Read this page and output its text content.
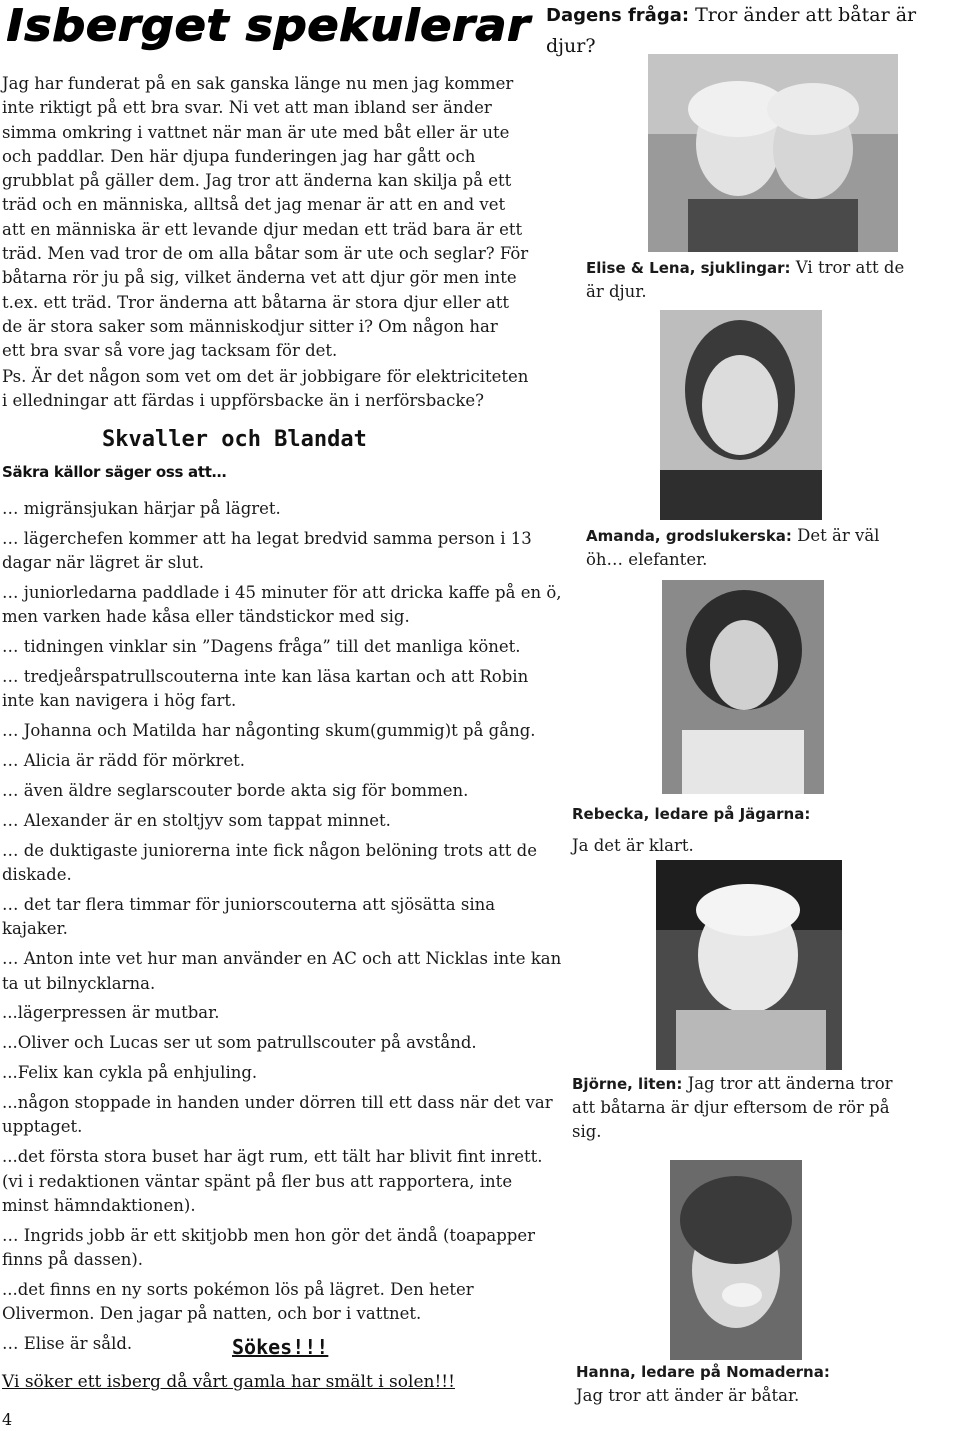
Isberget spekulerar Dagens fråga: Tror änder att båtar är djur?

Jag har funderat på en sak ganska länge nu men jag kommer

inte riktigt på ett bra svar. Ni vet att man ibland ser änder

simma omkring i vattnet när man är ute med båt eller är ute

och paddlar. Den här djupa funderingen jag har gått och

grubblat på gäller dem. Jag tror att änderna kan skilja på ett

träd och en människa, alltså det jag menar är att en and vet

att en människa är ett levande djur medan ett träd bara är ett

träd. Men vad tror de om alla båtar som är ute och seglar? För

båtarna rör ju på sig, vilket änderna vet att djur gör men inte

t.ex. ett träd. Tror änderna att båtarna är stora djur eller att

de är stora saker som människodjur sitter i? Om någon har

ett bra svar så vore jag tacksam för det.

Ps. Är det någon som vet om det är jobbigare för elektriciteten

i elledningar att färdas i uppförsbacke än i nerförsbacke?

Skvaller och Blandat
Säkra källor säger oss att…

… migränsjukan härjar på lägret.

… lägerchefen kommer att ha legat bredvid samma person i 13 dagar när lägret är slut.

… juniorledarna paddlade i 45 minuter för att dricka kaffe på en ö, men varken hade kåsa eller tändstickor med sig.

… tidningen vinklar sin ”Dagens fråga” till det manliga könet.

… tredjeårspatrullscouterna inte kan läsa kartan och att Robin inte kan navigera i hög fart.

… Johanna och Matilda har någonting skum(gummig)t på gång.

… Alicia är rädd för mörkret.

… även äldre seglarscouter borde akta sig för bommen.

… Alexander är en stoltjyv som tappat minnet.

… de duktigaste juniorerna inte fick någon belöning trots att de diskade.

… det tar flera timmar för juniorscouterna att sjösätta sina kajaker.

… Anton inte vet hur man använder en AC och att Nicklas inte kan ta ut bilnycklarna.

...lägerpressen är mutbar.

...Oliver och Lucas ser ut som patrullscouter på avstånd.

...Felix kan cykla på enhjuling.

...någon stoppade in handen under dörren till ett dass när det var upptaget.

...det första stora buset har ägt rum, ett tält har blivit fint inrett. (vi i redaktionen väntar spänt på fler bus att rapportera, inte minst hämndaktionen).

… Ingrids jobb är ett skitjobb men hon gör det ändå (toapapper finns på dassen).

...det finns en ny sorts pokémon lös på lägret. Den heter Olivermon. Den jagar på natten, och bor i vattnet.

… Elise är såld.	Sökes!!!
Vi söker ett isberg då vårt gamla har smält i solen!!!
4
Elise & Lena, sjuklingar: Vi tror att de är djur.
Amanda, grodslukerska: Det är väl öh… elefanter.
Rebecka, ledare på Jägarna:
Ja det är klart.
Björne, liten: Jag tror att änderna tror att båtarna är djur eftersom de rör på sig.
Hanna, ledare på Nomaderna:
Jag tror att änder är båtar.
